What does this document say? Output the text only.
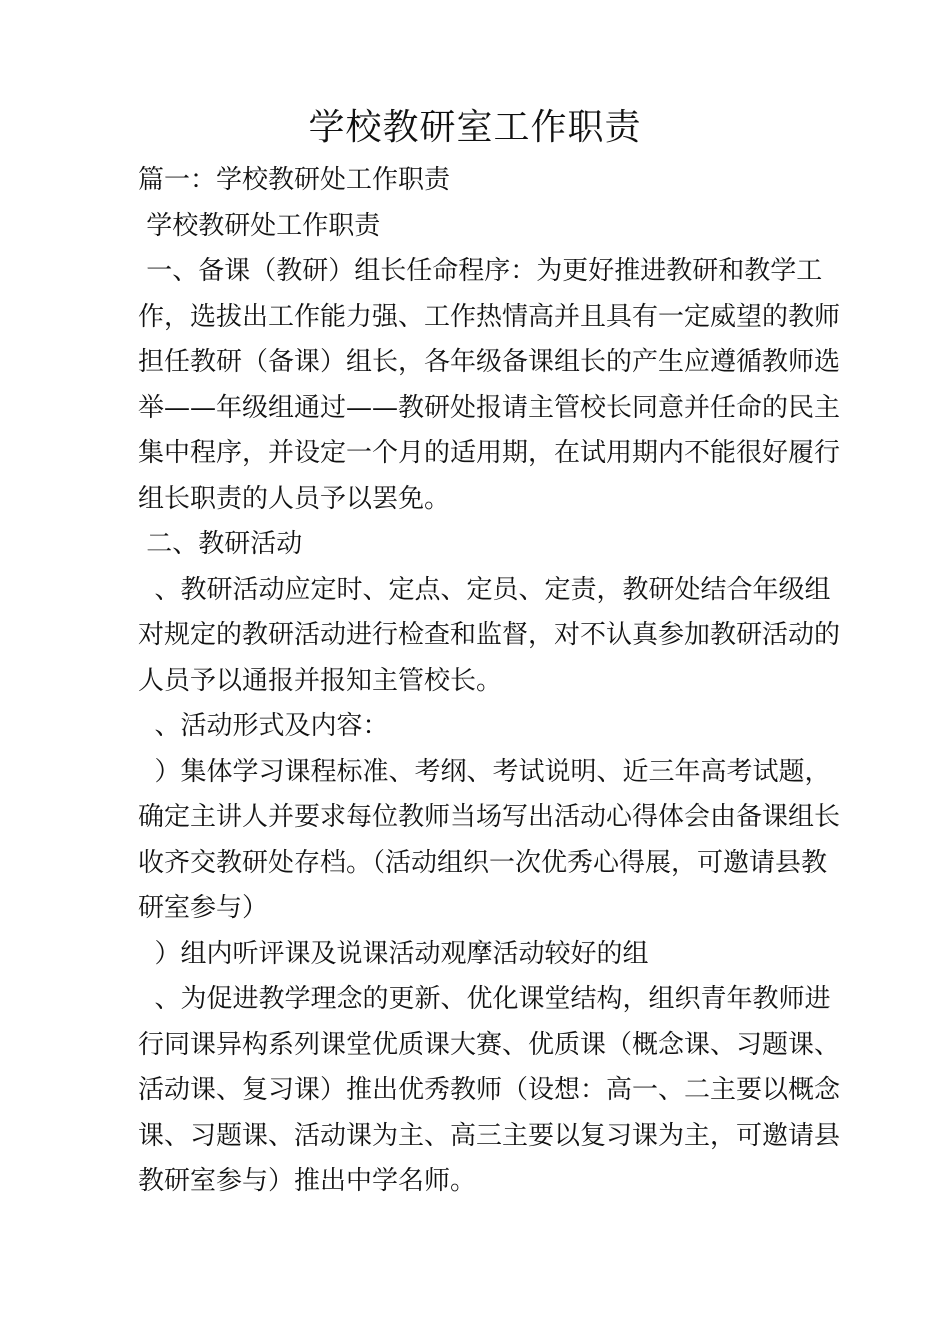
学校教研室工作职责
篇一：学校教研处工作职责
学校教研处工作职责
一、备课（教研）组长任命程序：为更好推进教研和教学工
作，选拔出工作能力强、工作热情高并且具有一定威望的教师
担任教研（备课）组长，各年级备课组长的产生应遵循教师选
举——年级组通过——教研处报请主管校长同意并任命的民主
集中程序，并设定一个月的适用期，在试用期内不能很好履行
组长职责的人员予以罢免。
二、教研活动
、教研活动应定时、定点、定员、定责，教研处结合年级组
对规定的教研活动进行检查和监督，对不认真参加教研活动的
人员予以通报并报知主管校长。
、活动形式及内容：
）集体学习课程标准、考纲、考试说明、近三年高考试题，
确定主讲人并要求每位教师当场写出活动心得体会由备课组长
收齐交教研处存档。（活动组织一次优秀心得展，可邀请县教
研室参与）
）组内听评课及说课活动观摩活动较好的组
、为促进教学理念的更新、优化课堂结构，组织青年教师进
行同课异构系列课堂优质课大赛、优质课（概念课、习题课、
活动课、复习课）推出优秀教师（设想：高一、二主要以概念
课、习题课、活动课为主、高三主要以复习课为主，可邀请县
教研室参与）推出中学名师。
